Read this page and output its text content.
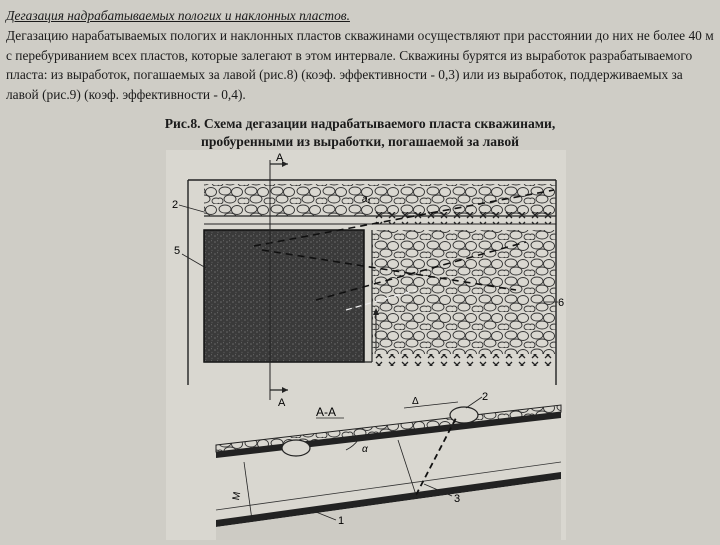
Дегазация надрабатываемых пологих и наклонных пластов.
Дегазацию нарабатываемых пологих и наклонных пластов скважинами осуществляют при расстоянии до них не более 40 м с перебуриванием всех пластов, которые залегают в этом интервале. Скважины бурятся из выработок разрабатываемого пласта: из выработок, погашаемых за лавой (рис.8) (коэф. эффективности - 0,3) или из выработок, поддерживаемых за лавой (рис.9) (коэф. эффективности - 0,4).
Рис.8. Схема дегазации надрабатываемого пласта скважинами,
пробуренными из выработки, погашаемой за лавой
А
А
2
5
6
a₁
А-А
М
Δ
α
2
3
1
